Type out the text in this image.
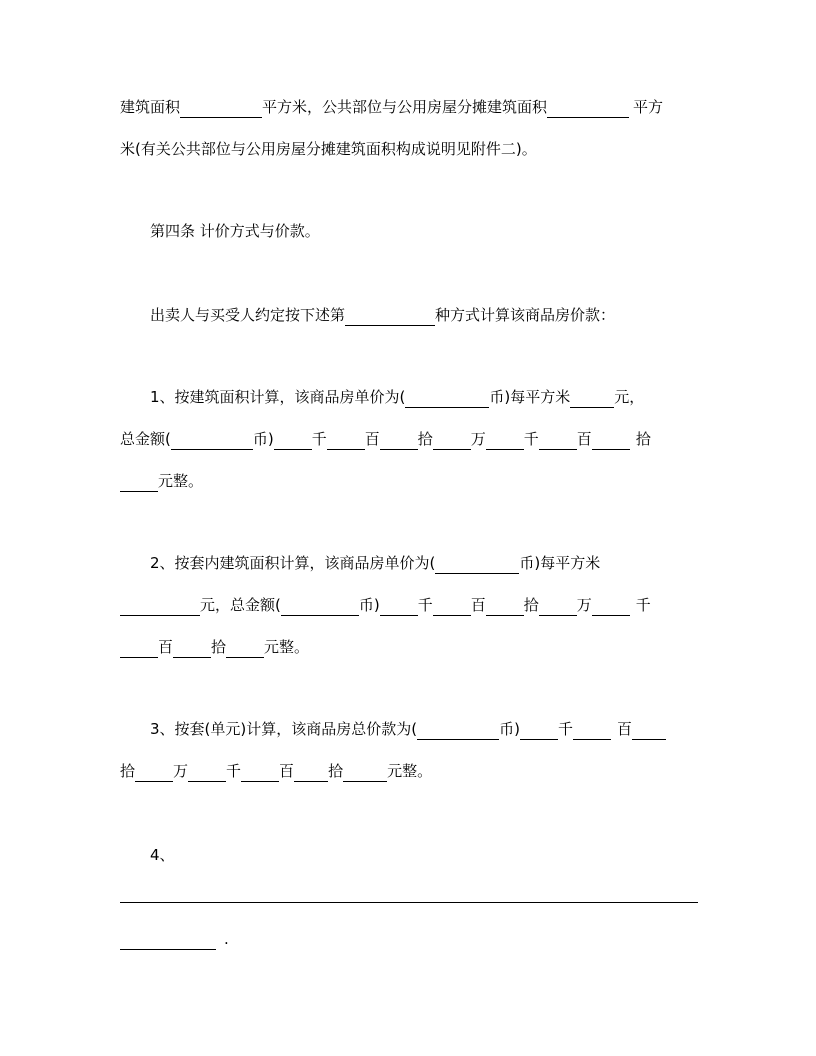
建筑面积	平方米，公共部位与公用房屋分摊建筑面积	平方
米(有关公共部位与公用房屋分摊建筑面积构成说明见附件二)。
第四条 计价方式与价款。
出卖人与买受人约定按下述第	种方式计算该商品房价款：
1、按建筑面积计算，该商品房单价为(	币)每平方米	元，
总金额(	币)	千	百	拾	万	千	百	拾
元整。
2、按套内建筑面积计算，该商品房单价为(	币)每平方米
元，总金额(	币)	千	百	拾	万	千
百	拾	元整。
3、按套(单元)计算，该商品房总价款为(	币)	千	百
拾	万	千	百 拾	元整。
4、
.
